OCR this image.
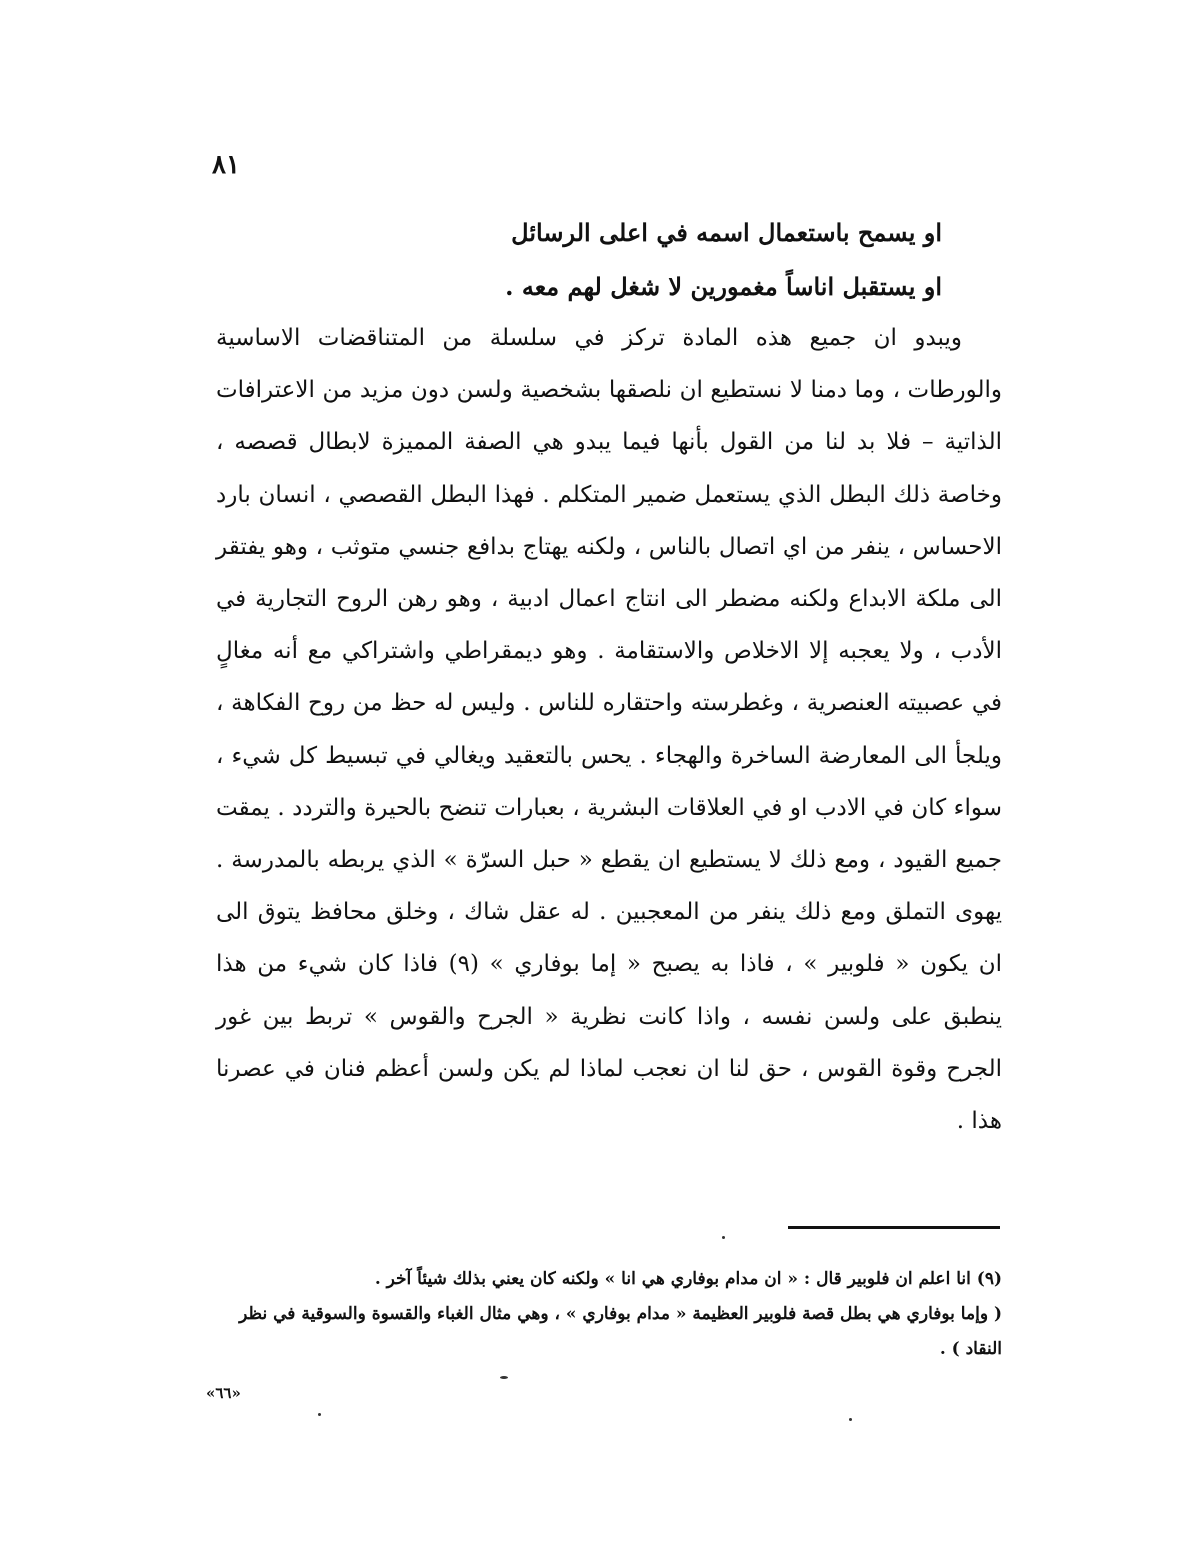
٨١
او يسمح باستعمال اسمه في اعلى الرسائل
او يستقبل اناساً مغمورين لا شغل لهم معه .

ويبدو ان جميع هذه المادة تركز في سلسلة من المتناقضات الاساسية والورطات ، وما دمنا لا نستطيع ان نلصقها بشخصية ولسن دون مزيد من الاعترافات الذاتية – فلا بد لنا من القول بأنها فيما يبدو هي الصفة المميزة لابطال قصصه ، وخاصة ذلك البطل الذي يستعمل ضمير المتكلم . فهذا البطل القصصي ، انسان بارد الاحساس ، ينفر من اي اتصال بالناس ، ولكنه يهتاج بدافع جنسي متوثب ، وهو يفتقر الى ملكة الابداع ولكنه مضطر الى انتاج اعمال ادبية ، وهو رهن الروح التجارية في الأدب ، ولا يعجبه إلا الاخلاص والاستقامة . وهو ديمقراطي واشتراكي مع أنه مغالٍ في عصبيته العنصرية ، وغطرسته واحتقاره للناس . وليس له حظ من روح الفكاهة ، ويلجأ الى المعارضة الساخرة والهجاء . يحس بالتعقيد ويغالي في تبسيط كل شيء ، سواء كان في الادب او في العلاقات البشرية ، بعبارات تنضح بالحيرة والتردد . يمقت جميع القيود ، ومع ذلك لا يستطيع ان يقطع « حبل السرّة » الذي يربطه بالمدرسة . يهوى التملق ومع ذلك ينفر من المعجبين . له عقل شاك ، وخلق محافظ يتوق الى ان يكون « فلوبير » ، فاذا به يصبح « إما بوفاري » (٩) فاذا كان شيء من هذا ينطبق على ولسن نفسه ، واذا كانت نظرية « الجرح والقوس » تربط بين غور الجرح وقوة القوس ، حق لنا ان نعجب لماذا لم يكن ولسن أعظم فنان في عصرنا هذا .

(٩) انا اعلم ان فلوبير قال : « ان مدام بوفاري هي انا » ولكنه كان يعني بذلك شيئاً آخر .

( وإما بوفاري هي بطل قصة فلوبير العظيمة « مدام بوفاري » ، وهي مثال الغباء والقسوة والسوقية في نظر النقاد ) .

«٦٦»
